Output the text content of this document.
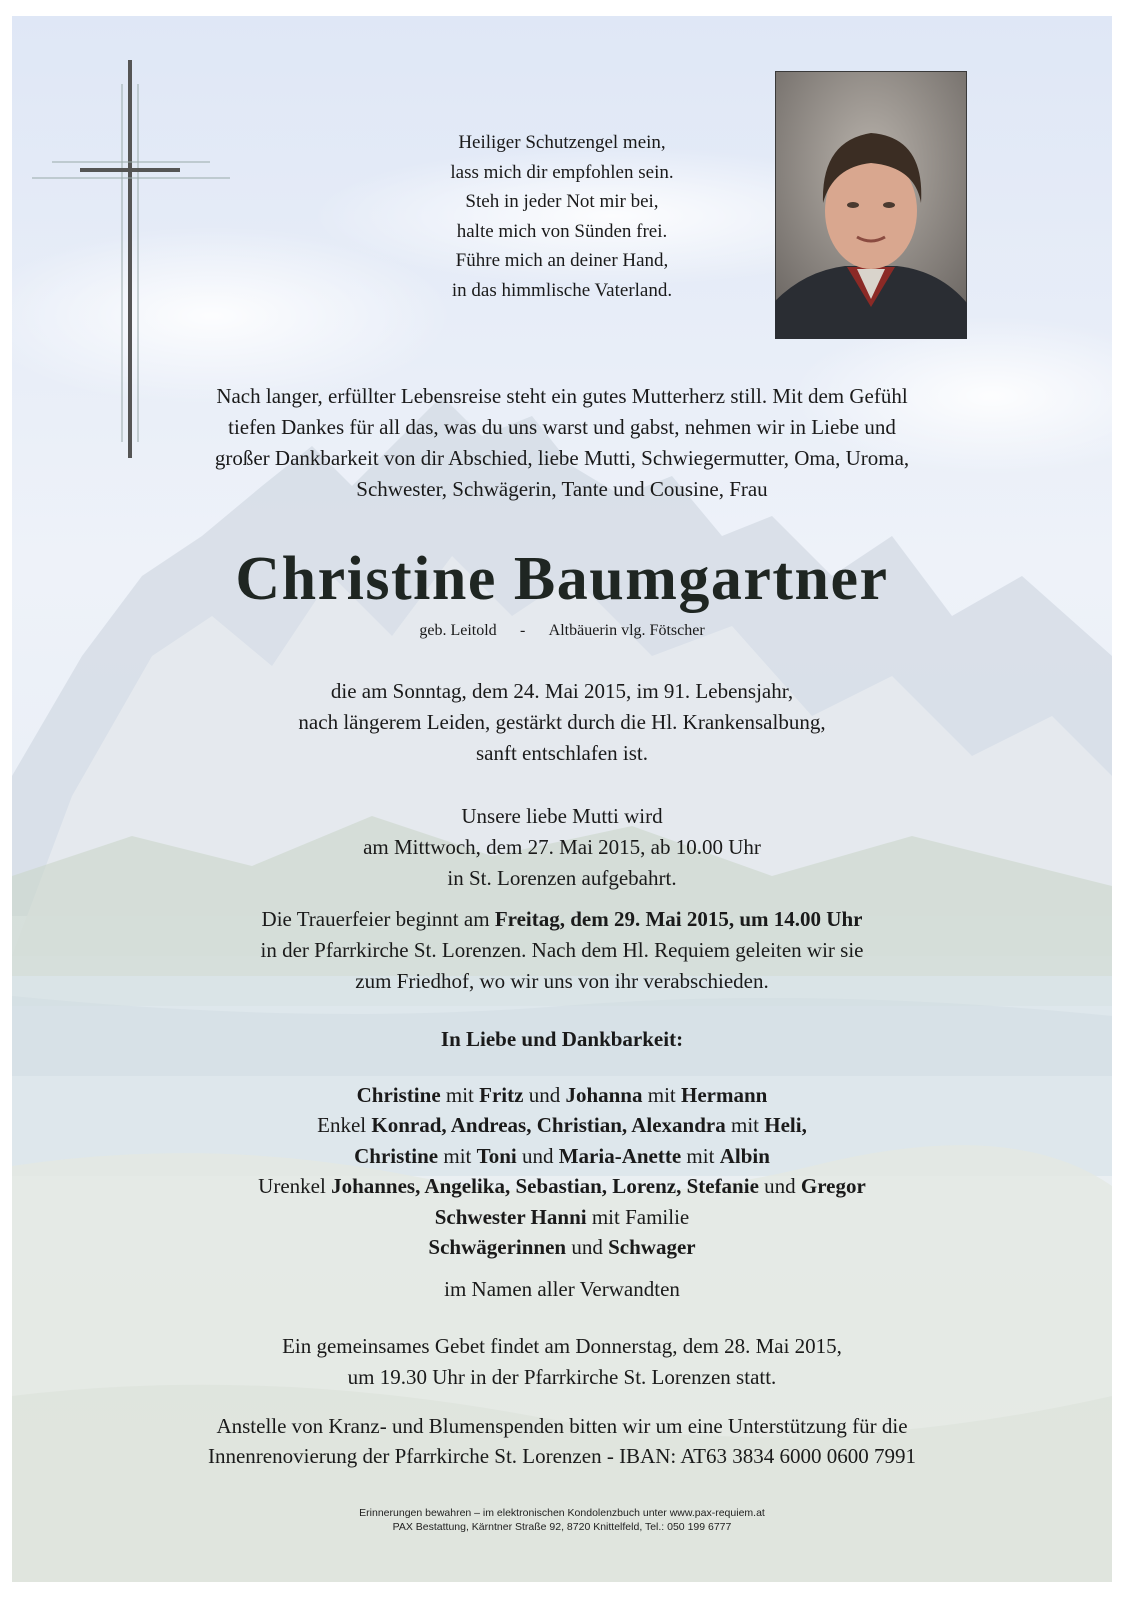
Heiliger Schutzengel mein,
lass mich dir empfohlen sein.
Steh in jeder Not mir bei,
halte mich von Sünden frei.
Führe mich an deiner Hand,
in das himmlische Vaterland.
Nach langer, erfüllter Lebensreise steht ein gutes Mutterherz still. Mit dem Gefühl
tiefen Dankes für all das, was du uns warst und gabst, nehmen wir in Liebe und
großer Dankbarkeit von dir Abschied, liebe Mutti, Schwiegermutter, Oma, Uroma,
Schwester, Schwägerin, Tante und Cousine, Frau
Christine Baumgartner
geb. Leitold - Altbäuerin vlg. Fötscher
die am Sonntag, dem 24. Mai 2015, im 91. Lebensjahr,
nach längerem Leiden, gestärkt durch die Hl. Krankensalbung,
sanft entschlafen ist.
Unsere liebe Mutti wird
am Mittwoch, dem 27. Mai 2015, ab 10.00 Uhr
in St. Lorenzen aufgebahrt.
Die Trauerfeier beginnt am Freitag, dem 29. Mai 2015, um 14.00 Uhr
in der Pfarrkirche St. Lorenzen. Nach dem Hl. Requiem geleiten wir sie
zum Friedhof, wo wir uns von ihr verabschieden.
In Liebe und Dankbarkeit:
Christine mit Fritz und Johanna mit Hermann
Enkel Konrad, Andreas, Christian, Alexandra mit Heli,
Christine mit Toni und Maria-Anette mit Albin
Urenkel Johannes, Angelika, Sebastian, Lorenz, Stefanie und Gregor
Schwester Hanni mit Familie
Schwägerinnen und Schwager
im Namen aller Verwandten
Ein gemeinsames Gebet findet am Donnerstag, dem 28. Mai 2015,
um 19.30 Uhr in der Pfarrkirche St. Lorenzen statt.
Anstelle von Kranz- und Blumenspenden bitten wir um eine Unterstützung für die
Innenrenovierung der Pfarrkirche St. Lorenzen - IBAN: AT63 3834 6000 0600 7991
Erinnerungen bewahren – im elektronischen Kondolenzbuch unter www.pax-requiem.at
PAX Bestattung, Kärntner Straße 92, 8720 Knittelfeld, Tel.: 050 199 6777
